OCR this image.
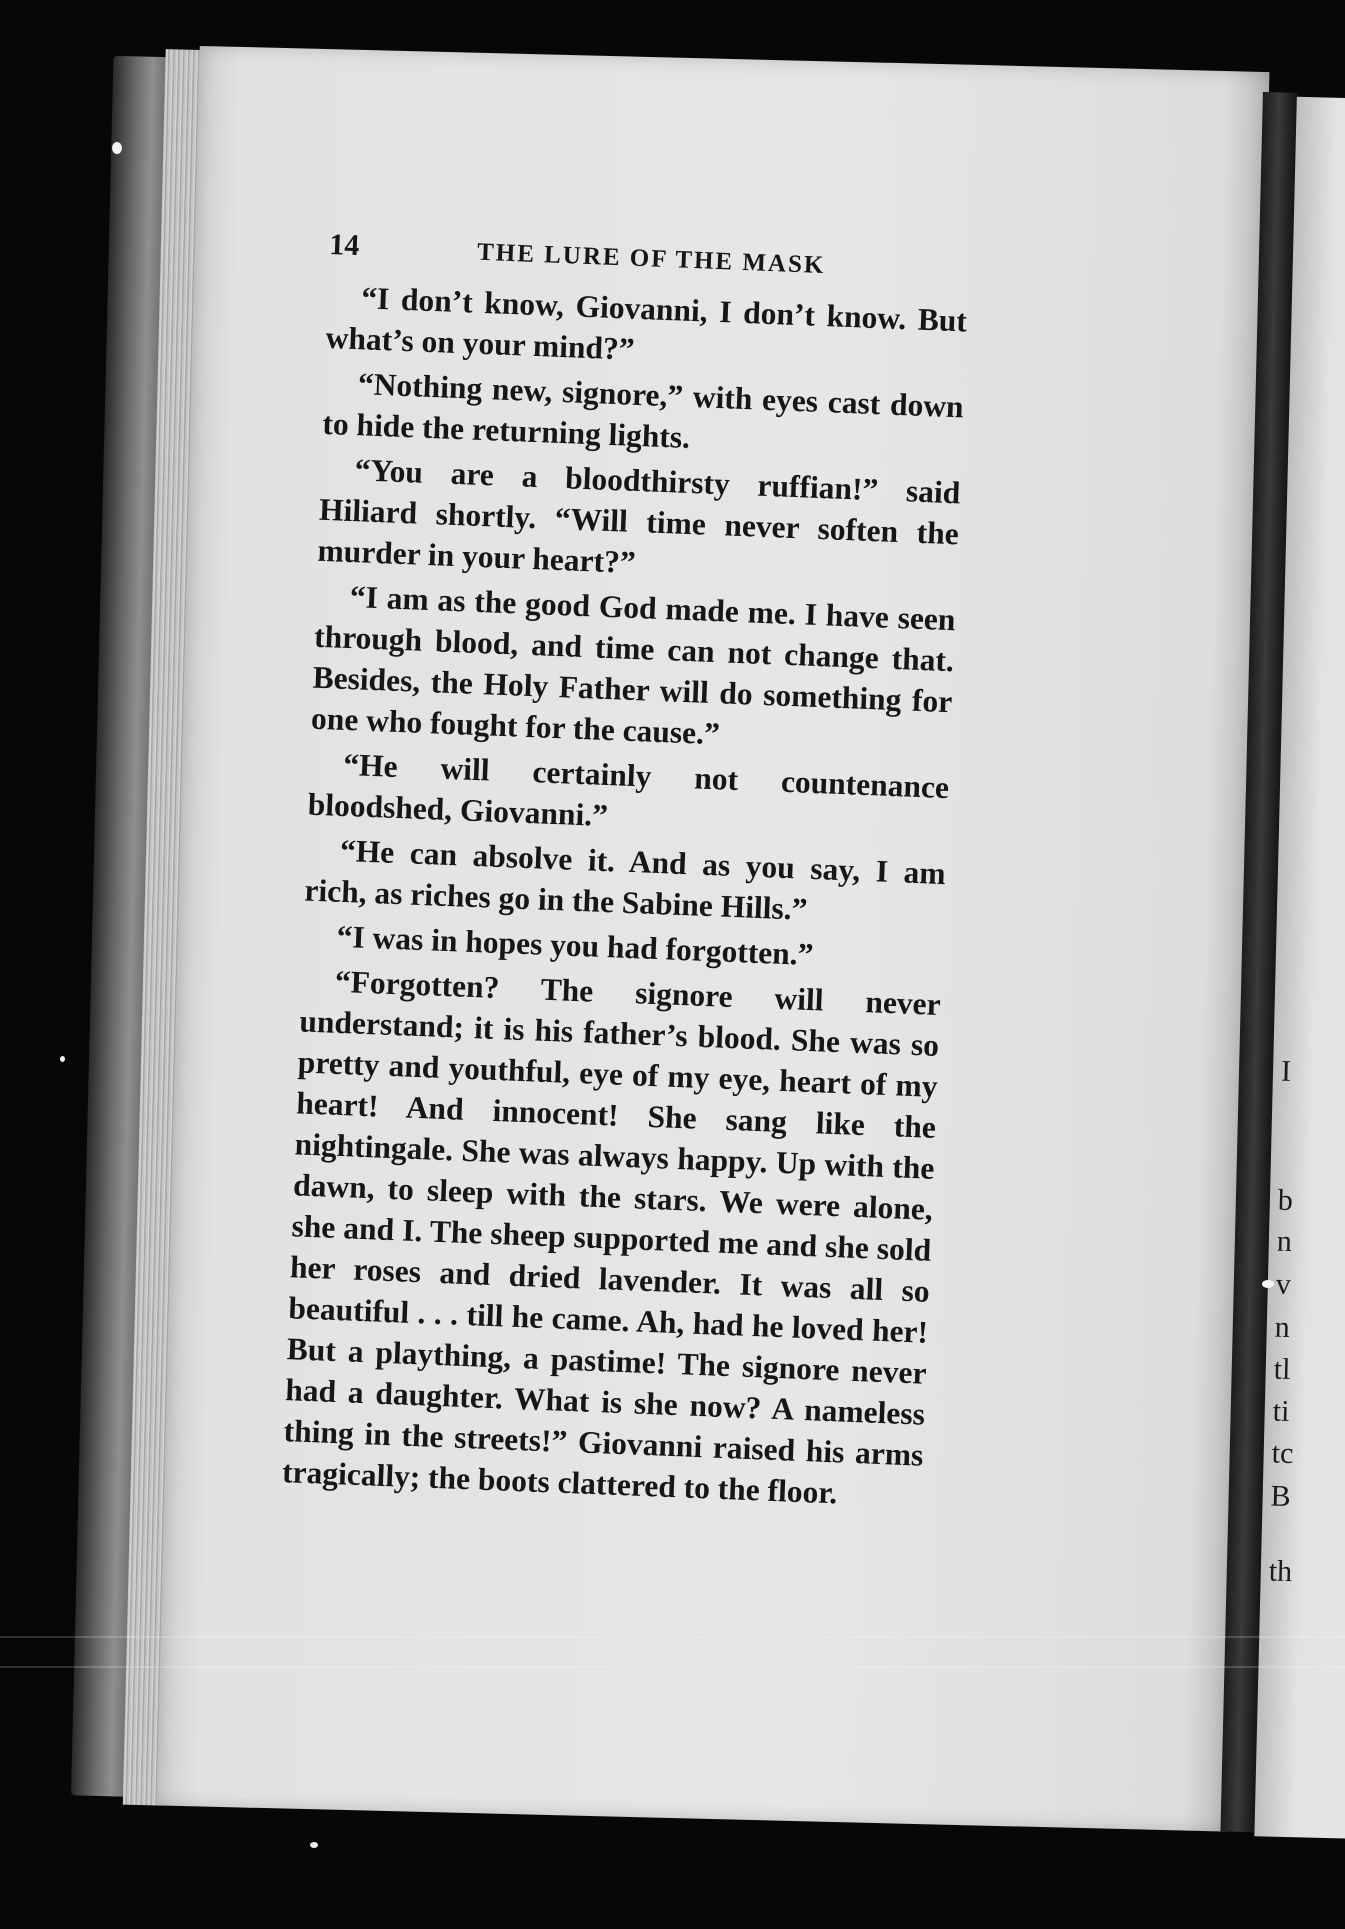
I
b
n
v
n
tl
ti
tc
B
th
14	THE LURE OF THE MASK

“I don’t know, Giovanni, I don’t know. But what’s on your mind?”

“Nothing new, signore,” with eyes cast down to hide the returning lights.

“You are a bloodthirsty ruffian!” said Hiliard shortly. “Will time never soften the murder in your heart?”

“I am as the good God made me. I have seen through blood, and time can not change that. Besides, the Holy Father will do something for one who fought for the cause.”

“He will certainly not countenance bloodshed, Giovanni.”

“He can absolve it. And as you say, I am rich, as riches go in the Sabine Hills.”

“I was in hopes you had forgotten.”

“Forgotten? The signore will never understand; it is his father’s blood. She was so pretty and youthful, eye of my eye, heart of my heart! And innocent! She sang like the nightingale. She was always happy. Up with the dawn, to sleep with the stars. We were alone, she and I. The sheep supported me and she sold her roses and dried lavender. It was all so beautiful . . . till he came. Ah, had he loved her! But a plaything, a pastime! The signore never had a daughter. What is she now? A nameless thing in the streets!” Giovanni raised his arms tragically; the boots clattered to the floor.
